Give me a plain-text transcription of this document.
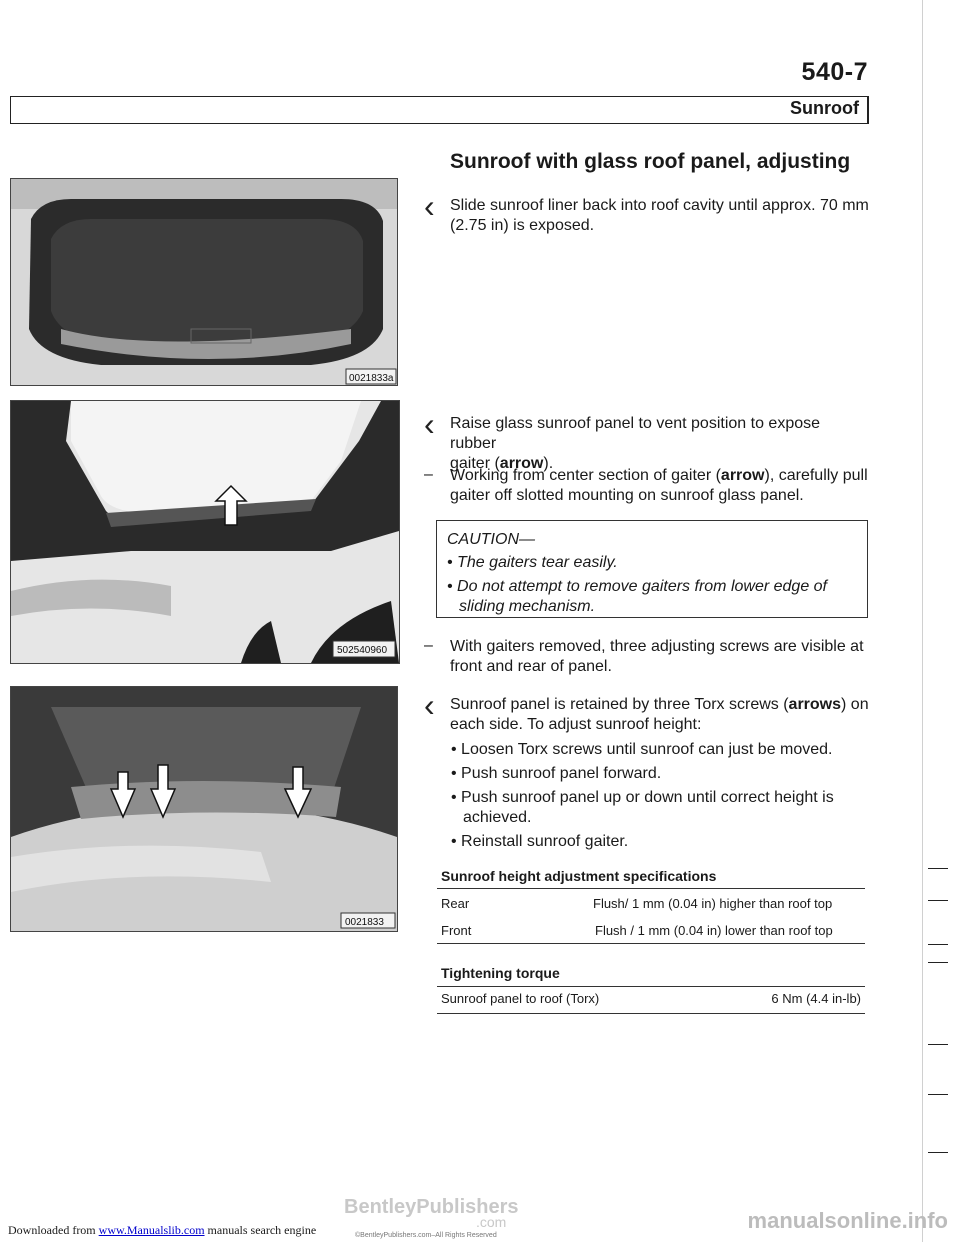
540-7
Sunroof
Sunroof with glass roof panel, adjusting
0021833a
‹ Slide sunroof liner back into roof cavity until approx. 70 mm
(2.75 in) is exposed.
502540960
‹ Raise glass sunroof panel to vent position to expose rubber
gaiter (arrow).
– Working from center section of gaiter (arrow), carefully pull
gaiter off slotted mounting on sunroof glass panel.
CAUTION—
• The gaiters tear easily.
• Do not attempt to remove gaiters from lower edge of
sliding mechanism.
– With gaiters removed, three adjusting screws are visible at
front and rear of panel.
0021833
‹ Sunroof panel is retained by three Torx screws (arrows) on
each side. To adjust sunroof height:
• Loosen Torx screws until sunroof can just be moved.
• Push sunroof panel forward.
• Push sunroof panel up or down until correct height is
achieved.
• Reinstall sunroof gaiter.
Sunroof height adjustment specifications
Rear	Flush/ 1 mm (0.04 in) higher than roof top
Front	Flush / 1 mm (0.04 in) lower than roof top
Tightening torque
Sunroof panel to roof (Torx)	6 Nm (4.4 in-lb)
BentleyPublishers
.com
©BentleyPublishers.com–All Rights Reserved
Downloaded from www.Manualslib.com manuals search engine	manualsonline.info
